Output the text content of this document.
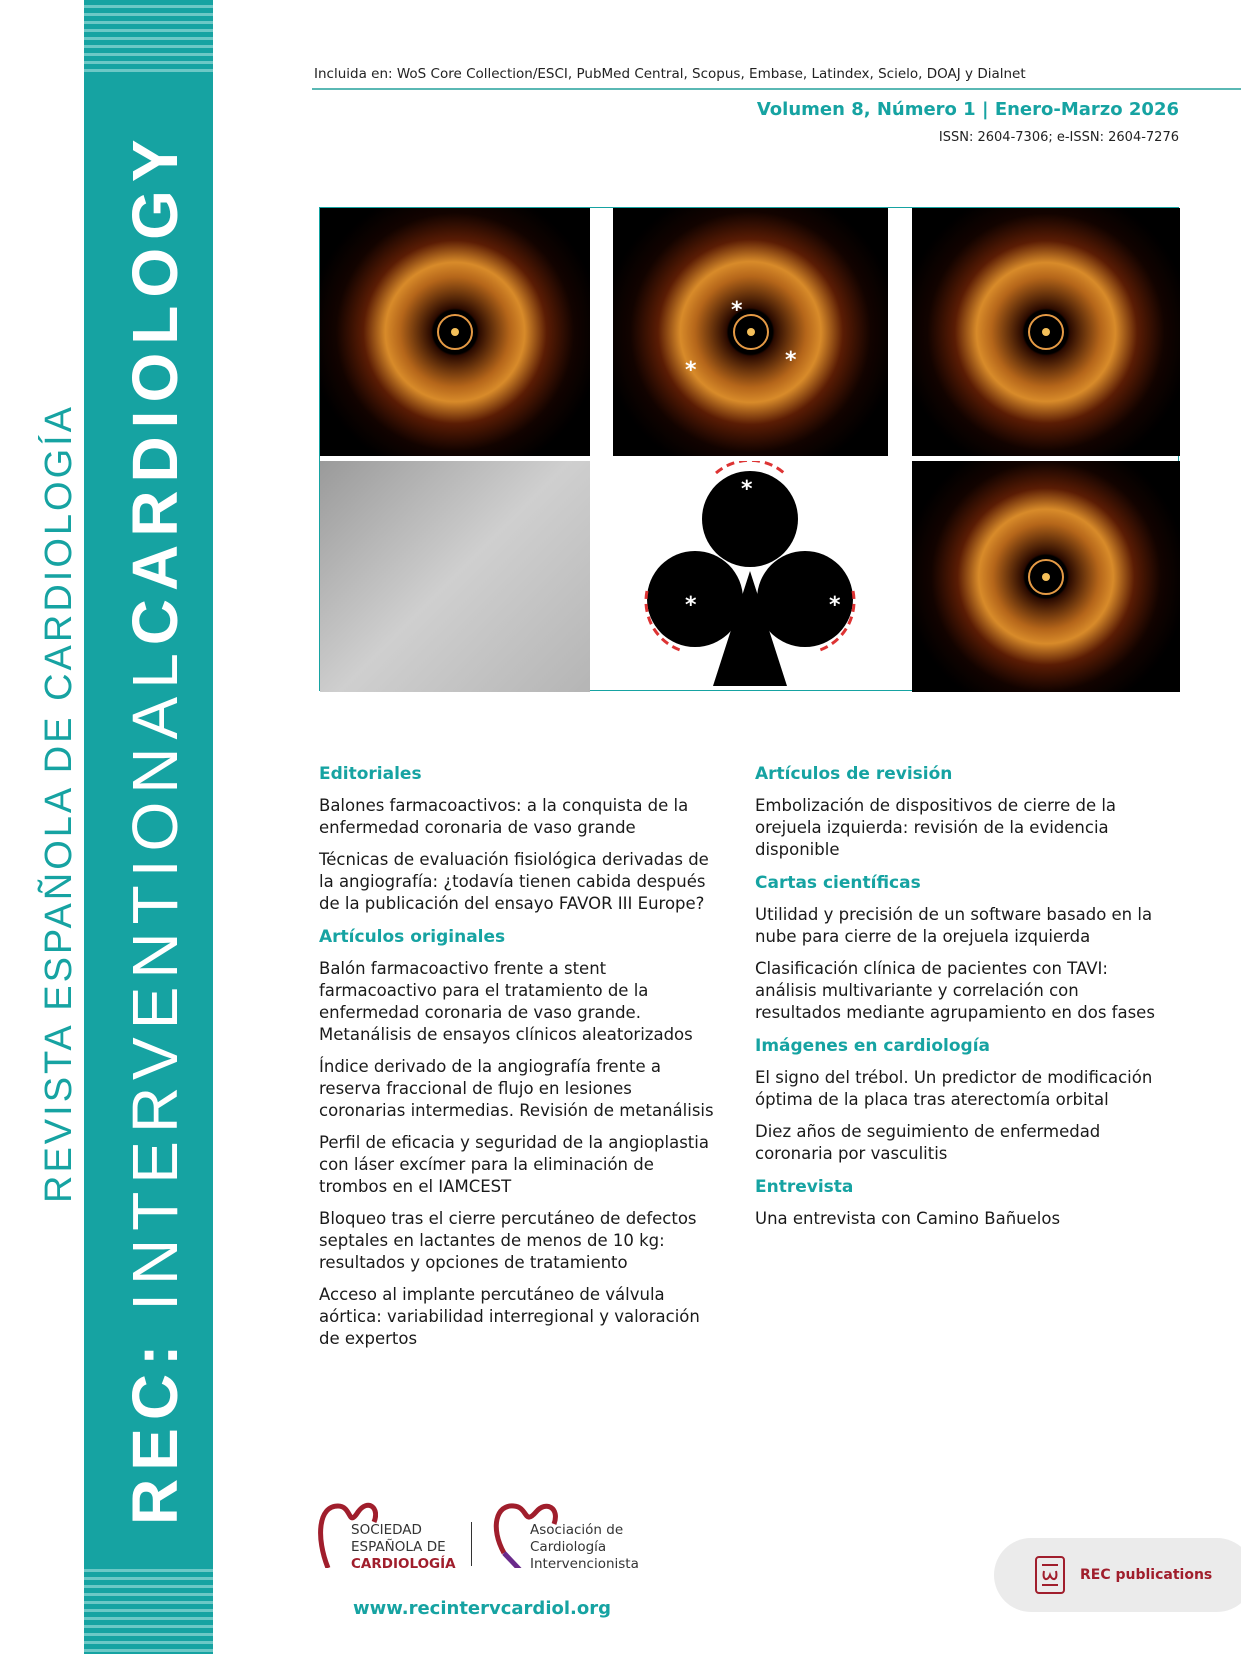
REVISTA ESPAÑOLA DE CARDIOLOGÍA
REC: INTERVENTIONALCARDIOLOGY
Incluida en: WoS Core Collection/ESCI, PubMed Central, Scopus, Embase, Latindex, Scielo, DOAJ y Dialnet
Volumen 8, Número 1 | Enero-Marzo 2026
ISSN: 2604-7306; e-ISSN: 2604-7276
*
*	*
*
*	*
Editoriales
Balones farmacoactivos: a la conquista de la enfermedad coronaria de vaso grande
Técnicas de evaluación fisiológica derivadas de la angiografía: ¿todavía tienen cabida después de la publicación del ensayo FAVOR III Europe?
Artículos originales
Balón farmacoactivo frente a stent farmacoactivo para el tratamiento de la enfermedad coronaria de vaso grande. Metanálisis de ensayos clínicos aleatorizados
Índice derivado de la angiografía frente a reserva fraccional de flujo en lesiones coronarias intermedias. Revisión de metanálisis
Perfil de eficacia y seguridad de la angioplastia con láser excímer para la eliminación de trombos en el IAMCEST
Bloqueo tras el cierre percutáneo de defectos septales en lactantes de menos de 10 kg: resultados y opciones de tratamiento
Acceso al implante percutáneo de válvula aórtica: variabilidad interregional y valoración de expertos
Artículos de revisión
Embolización de dispositivos de cierre de la orejuela izquierda: revisión de la evidencia disponible
Cartas científicas
Utilidad y precisión de un software basado en la nube para cierre de la orejuela izquierda
Clasificación clínica de pacientes con TAVI: análisis multivariante y correlación con resultados mediante agrupamiento en dos fases
Imágenes en cardiología
El signo del trébol. Un predictor de modificación óptima de la placa tras aterectomía orbital
Diez años de seguimiento de enfermedad coronaria por vasculitis
Entrevista
Una entrevista con Camino Bañuelos
SOCIEDAD
ESPAÑOLA DE
CARDIOLOGÍA
Asociación de
Cardiología
Intervencionista
www.recintervcardiol.org
REC publications
